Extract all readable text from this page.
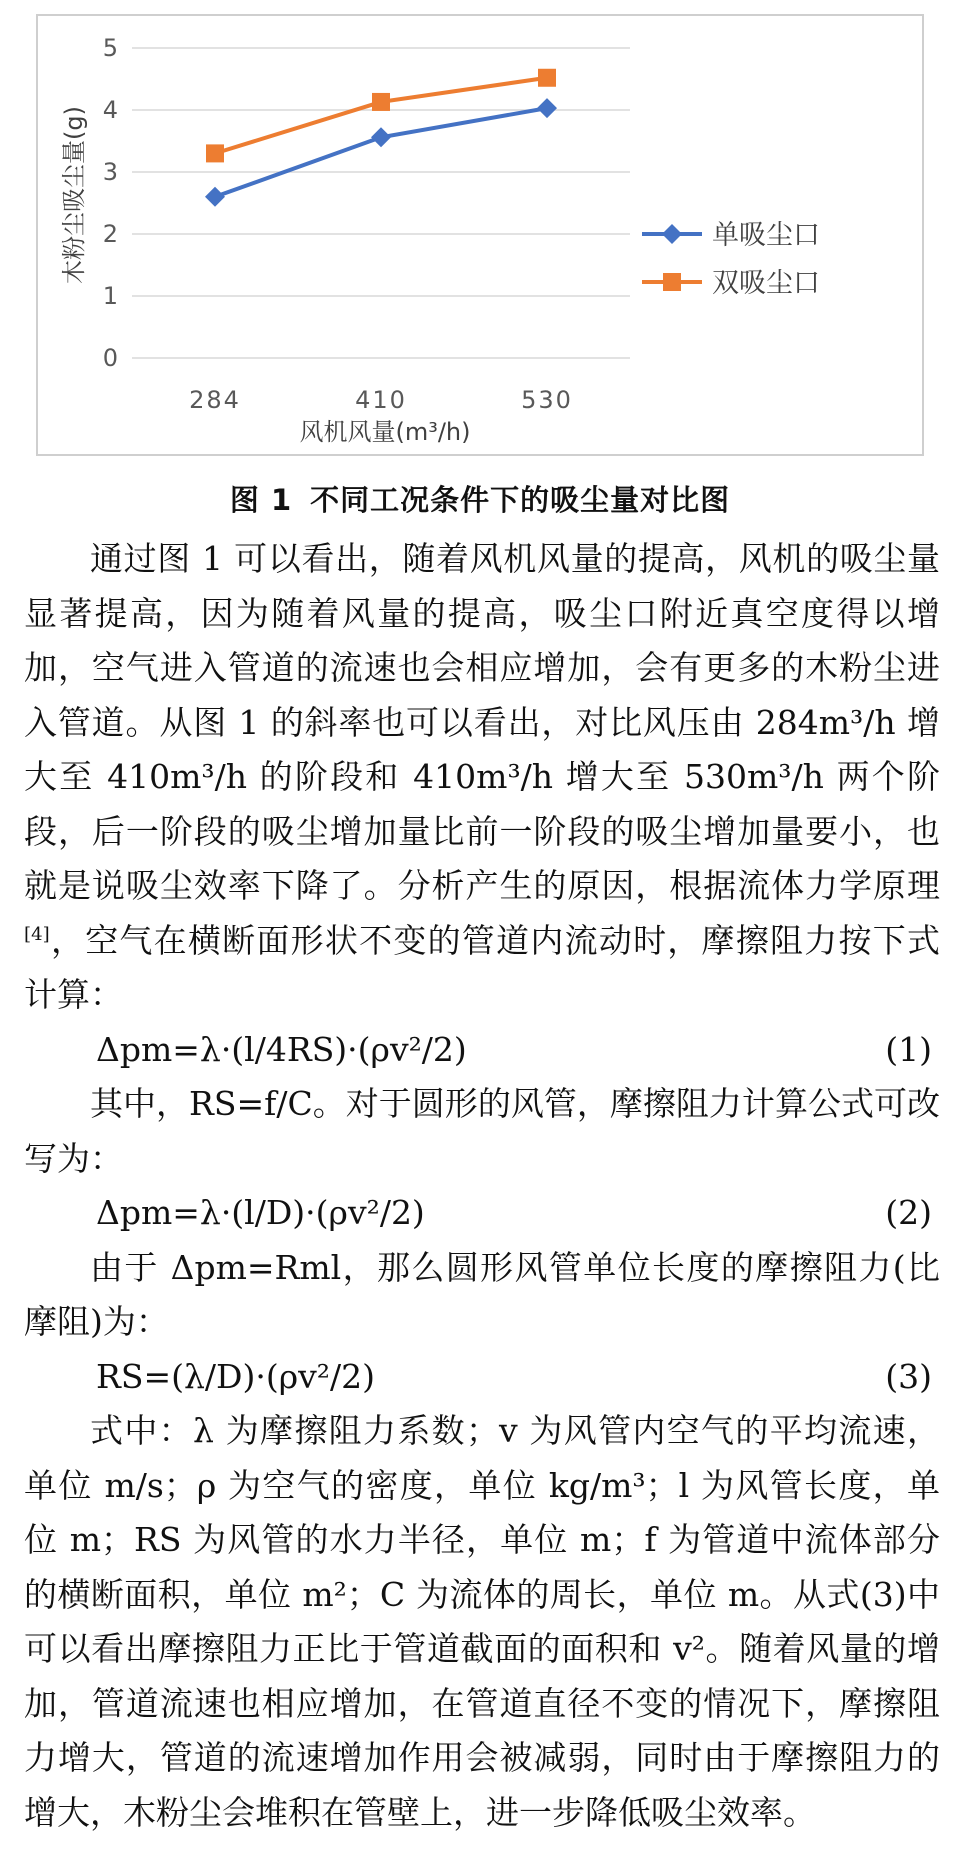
0
1
2
3
4
5
284	410	530
风机风量(m³/h)
木粉尘吸尘量(g)	单吸尘口
双吸尘口
图 1 不同工况条件下的吸尘量对比图

通过图 1 可以看出，随着风机风量的提高，风机的吸尘量显著提高，因为随着风量的提高，吸尘口附近真空度得以增加，空气进入管道的流速也会相应增加，会有更多的木粉尘进入管道。从图 1 的斜率也可以看出，对比风压由 284m³/h 增大至 410m³/h 的阶段和 410m³/h 增大至 530m³/h 两个阶段，后一阶段的吸尘增加量比前一阶段的吸尘增加量要小，也就是说吸尘效率下降了。分析产生的原因，根据流体力学原理[4]，空气在横断面形状不变的管道内流动时，摩擦阻力按下式计算：

Δpm=λ·(l/4RS)·(ρv²/2)	(1)

其中，RS=f/C。对于圆形的风管，摩擦阻力计算公式可改写为：

Δpm=λ·(l/D)·(ρv²/2)	(2)

由于 Δpm=Rml，那么圆形风管单位长度的摩擦阻力(比摩阻)为：

RS=(λ/D)·(ρv²/2)	(3)

式中：λ 为摩擦阻力系数；v 为风管内空气的平均流速，单位 m/s；ρ 为空气的密度，单位 kg/m³；l 为风管长度，单位 m；RS 为风管的水力半径，单位 m；f 为管道中流体部分的横断面积，单位 m²；C 为流体的周长，单位 m。从式(3)中可以看出摩擦阻力正比于管道截面的面积和 v²。随着风量的增加，管道流速也相应增加，在管道直径不变的情况下，摩擦阻力增大，管道的流速增加作用会被减弱，同时由于摩擦阻力的增大，木粉尘会堆积在管壁上，进一步降低吸尘效率。
